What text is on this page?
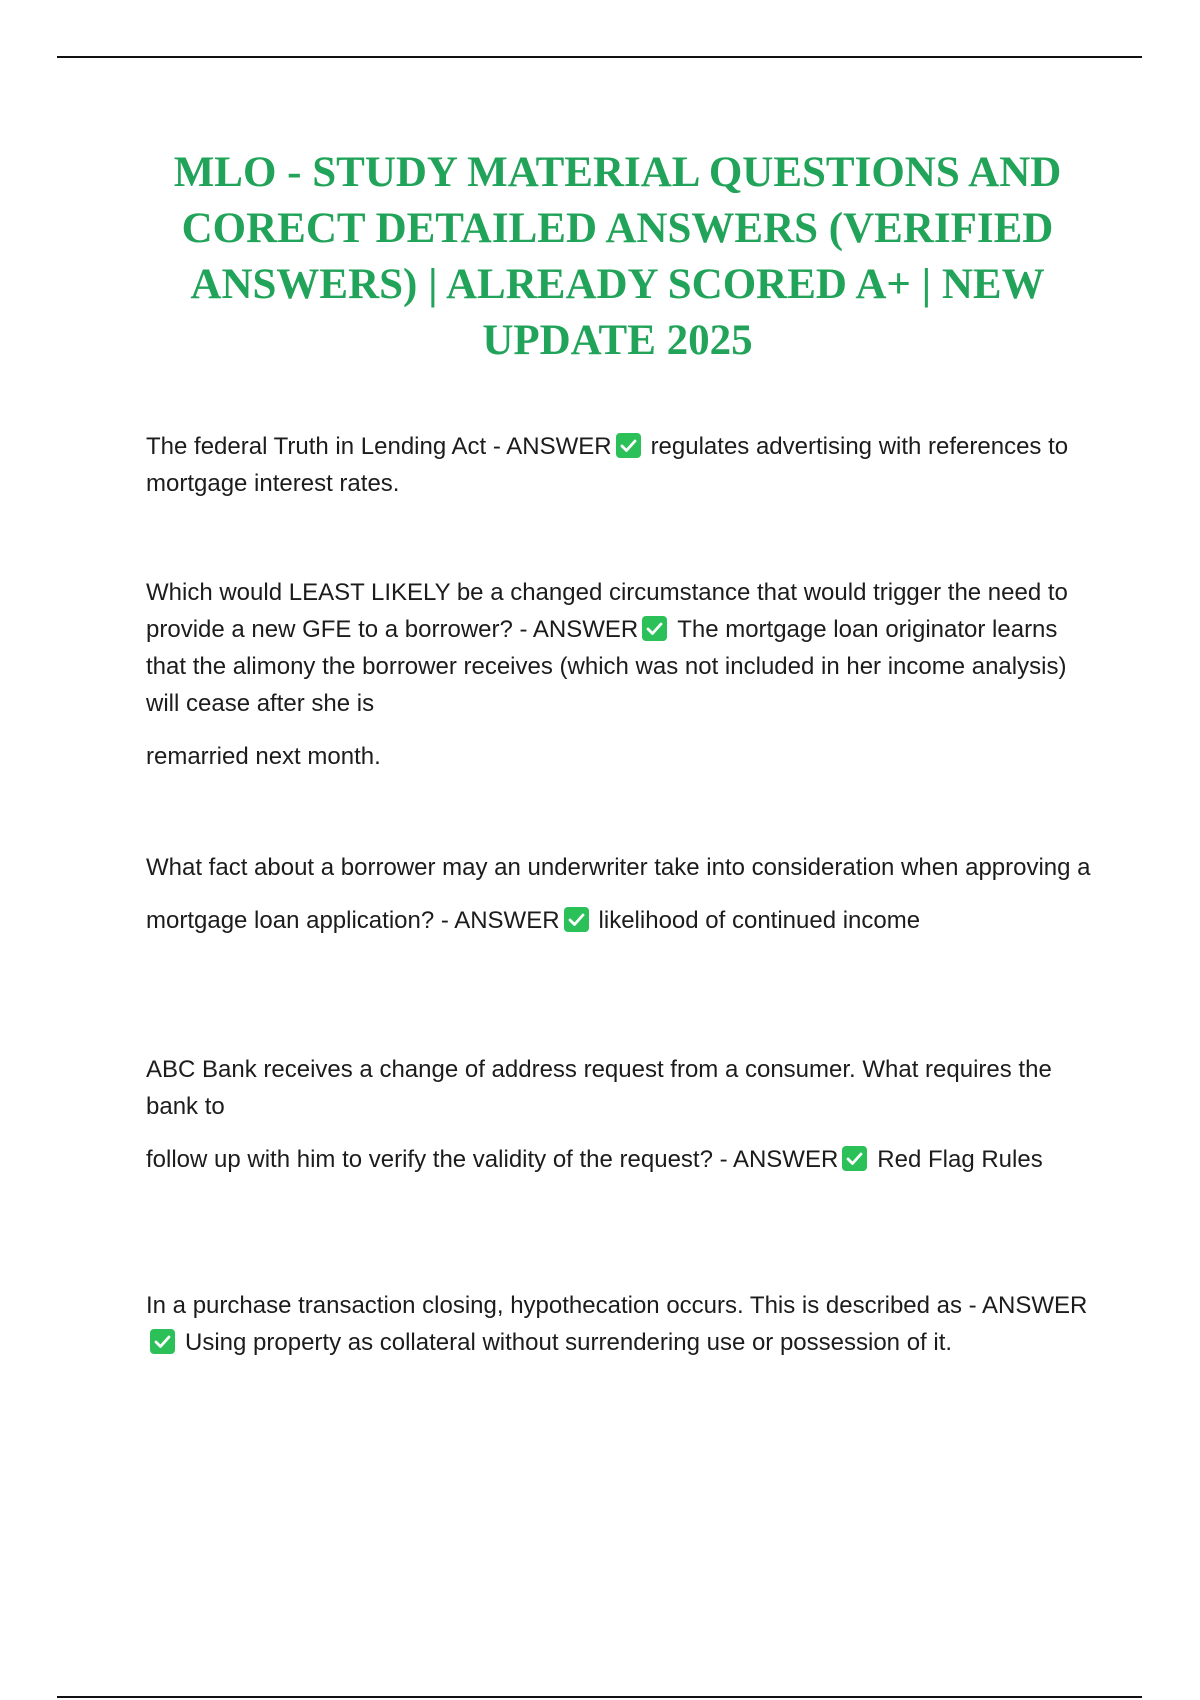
MLO - STUDY MATERIAL QUESTIONS AND CORECT DETAILED ANSWERS (VERIFIED ANSWERS) | ALREADY SCORED A+ | NEW UPDATE 2025

The federal Truth in Lending Act - ANSWER regulates advertising with references to mortgage interest rates.

Which would LEAST LIKELY be a changed circumstance that would trigger the need to provide a new GFE to a borrower? - ANSWER The mortgage loan originator learns that the alimony the borrower receives (which was not included in her income analysis) will cease after she is

remarried next month.

What fact about a borrower may an underwriter take into consideration when approving a

mortgage loan application? - ANSWER likelihood of continued income

ABC Bank receives a change of address request from a consumer. What requires the bank to

follow up with him to verify the validity of the request? - ANSWER Red Flag Rules

In a purchase transaction closing, hypothecation occurs. This is described as - ANSWER
Using property as collateral without surrendering use or possession of it.
